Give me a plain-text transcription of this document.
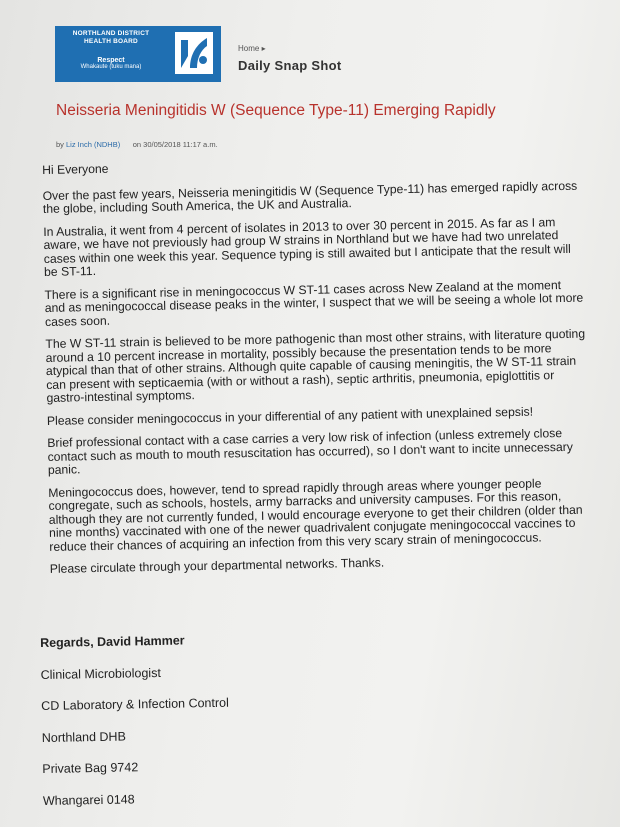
NORTHLAND DISTRICT HEALTH BOARD

Respect
Whakaute (tuku mana)
Home ▸
Daily Snap Shot
Neisseria Meningitidis W (Sequence Type-11) Emerging Rapidly
by Liz Inch (NDHB) on 30/05/2018 11:17 a.m.

Hi Everyone

Over the past few years, Neisseria meningitidis W (Sequence Type-11) has emerged rapidly across the globe, including South America, the UK and Australia.

In Australia, it went from 4 percent of isolates in 2013 to over 30 percent in 2015. As far as I am aware, we have not previously had group W strains in Northland but we have had two unrelated cases within one week this year. Sequence typing is still awaited but I anticipate that the result will be ST-11.

There is a significant rise in meningococcus W ST-11 cases across New Zealand at the moment and as meningococcal disease peaks in the winter, I suspect that we will be seeing a whole lot more cases soon.

The W ST-11 strain is believed to be more pathogenic than most other strains, with literature quoting around a 10 percent increase in mortality, possibly because the presentation tends to be more atypical than that of other strains. Although quite capable of causing meningitis, the W ST-11 strain can present with septicaemia (with or without a rash), septic arthritis, pneumonia, epiglottitis or gastro-intestinal symptoms.

Please consider meningococcus in your differential of any patient with unexplained sepsis!

Brief professional contact with a case carries a very low risk of infection (unless extremely close contact such as mouth to mouth resuscitation has occurred), so I don't want to incite unnecessary panic.

Meningococcus does, however, tend to spread rapidly through areas where younger people congregate, such as schools, hostels, army barracks and university campuses. For this reason, although they are not currently funded, I would encourage everyone to get their children (older than nine months) vaccinated with one of the newer quadrivalent conjugate meningococcal vaccines to reduce their chances of acquiring an infection from this very scary strain of meningococcus.

Please circulate through your departmental networks. Thanks.

Regards, David Hammer
Clinical Microbiologist
CD Laboratory & Infection Control
Northland DHB
Private Bag 9742
Whangarei 0148
